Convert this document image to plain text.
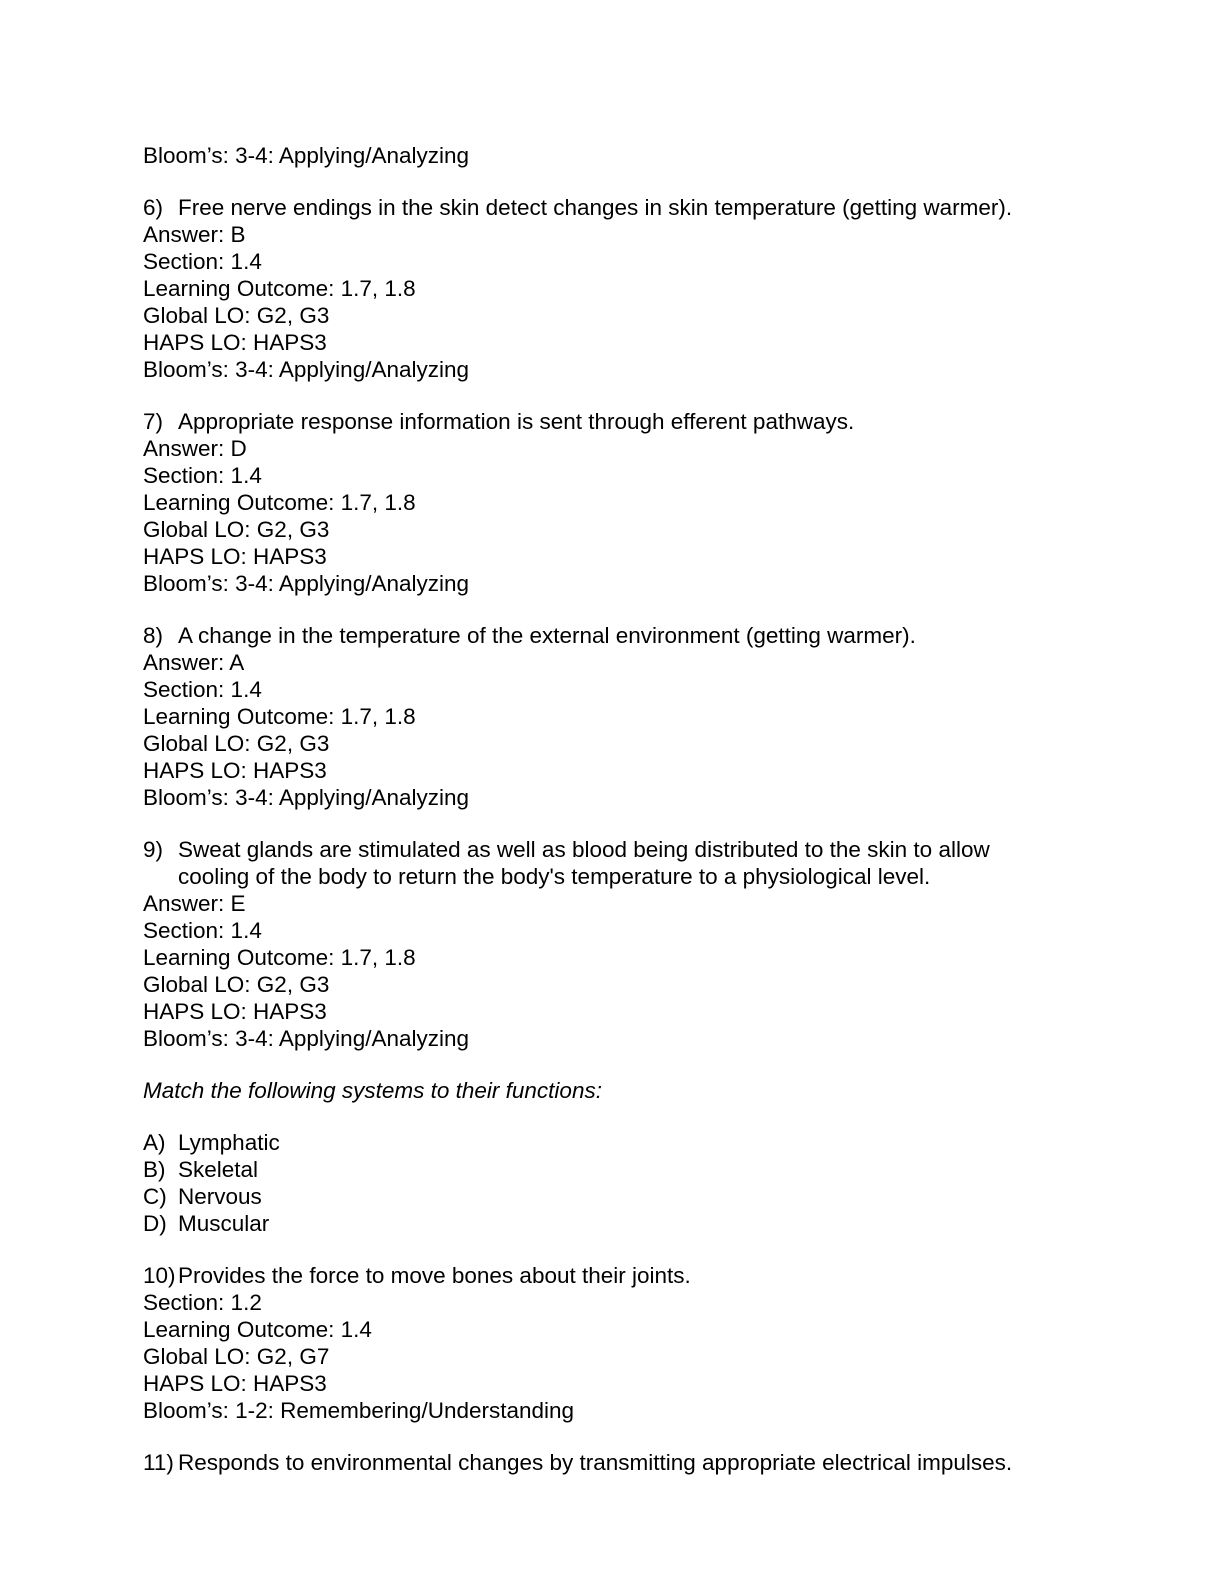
Bloom’s: 3-4: Applying/Analyzing
6) Free nerve endings in the skin detect changes in skin temperature (getting warmer).
Answer: B
Section: 1.4
Learning Outcome: 1.7, 1.8
Global LO: G2, G3
HAPS LO: HAPS3
Bloom’s: 3-4: Applying/Analyzing
7) Appropriate response information is sent through efferent pathways.
Answer: D
Section: 1.4
Learning Outcome: 1.7, 1.8
Global LO: G2, G3
HAPS LO: HAPS3
Bloom’s: 3-4: Applying/Analyzing
8) A change in the temperature of the external environment (getting warmer).
Answer: A
Section: 1.4
Learning Outcome: 1.7, 1.8
Global LO: G2, G3
HAPS LO: HAPS3
Bloom’s: 3-4: Applying/Analyzing
9) Sweat glands are stimulated as well as blood being distributed to the skin to allow
cooling of the body to return the body's temperature to a physiological level.
Answer: E
Section: 1.4
Learning Outcome: 1.7, 1.8
Global LO: G2, G3
HAPS LO: HAPS3
Bloom’s: 3-4: Applying/Analyzing
Match the following systems to their functions:
A) Lymphatic
B) Skeletal
C) Nervous
D) Muscular
10) Provides the force to move bones about their joints.
Section: 1.2
Learning Outcome: 1.4
Global LO: G2, G7
HAPS LO: HAPS3
Bloom’s: 1-2: Remembering/Understanding
11) Responds to environmental changes by transmitting appropriate electrical impulses.
